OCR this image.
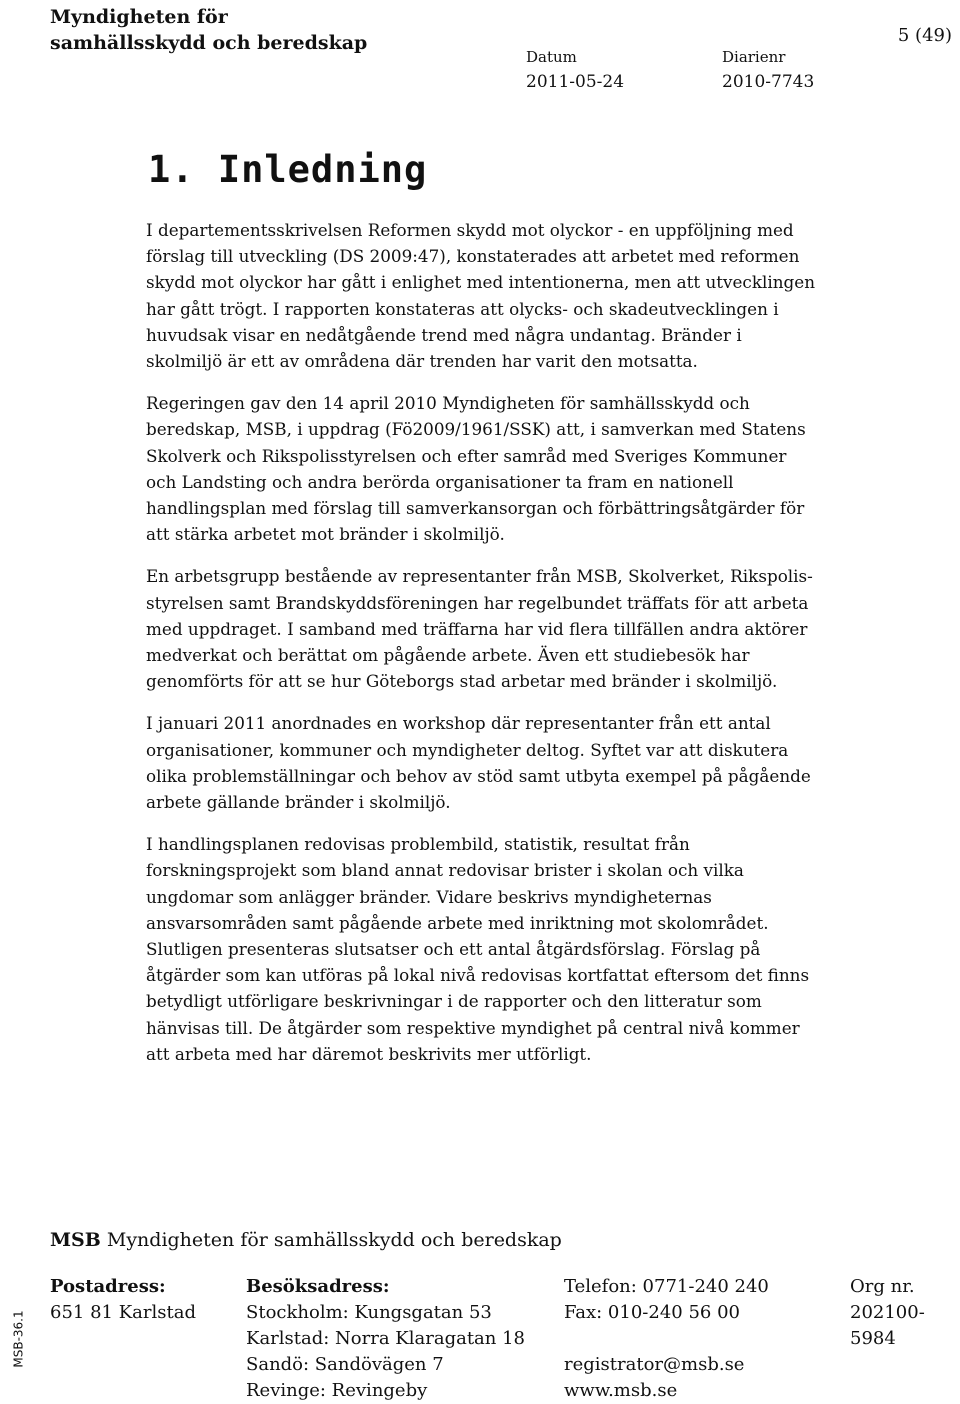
Myndigheten för
samhällsskydd och beredskap	5 (49)
Datum
2011-05-24
Diarienr
2010-7743
1. Inledning

I departementsskrivelsen Reformen skydd mot olyckor - en uppföljning med förslag till utveckling (DS 2009:47), konstaterades att arbetet med reformen skydd mot olyckor har gått i enlighet med intentionerna, men att utvecklingen har gått trögt. I rapporten konstateras att olycks- och skadeutvecklingen i huvudsak visar en nedåtgående trend med några undantag. Bränder i skolmiljö är ett av områdena där trenden har varit den motsatta.

Regeringen gav den 14 april 2010 Myndigheten för samhällsskydd och beredskap, MSB, i uppdrag (Fö2009/1961/SSK) att, i samverkan med Statens Skolverk och Rikspolisstyrelsen och efter samråd med Sveriges Kommuner och Landsting och andra berörda organisationer ta fram en nationell handlingsplan med förslag till samverkansorgan och förbättringsåtgärder för att stärka arbetet mot bränder i skolmiljö.

En arbetsgrupp bestående av representanter från MSB, Skolverket, Rikspolis-styrelsen samt Brandskyddsföreningen har regelbundet träffats för att arbeta med uppdraget. I samband med träffarna har vid flera tillfällen andra aktörer medverkat och berättat om pågående arbete. Även ett studiebesök har genomförts för att se hur Göteborgs stad arbetar med bränder i skolmiljö.

I januari 2011 anordnades en workshop där representanter från ett antal organisationer, kommuner och myndigheter deltog. Syftet var att diskutera olika problemställningar och behov av stöd samt utbyta exempel på pågående arbete gällande bränder i skolmiljö.

I handlingsplanen redovisas problembild, statistik, resultat från forskningsprojekt som bland annat redovisar brister i skolan och vilka ungdomar som anlägger bränder. Vidare beskrivs myndigheternas ansvarsområden samt pågående arbete med inriktning mot skolområdet. Slutligen presenteras slutsatser och ett antal åtgärdsförslag. Förslag på åtgärder som kan utföras på lokal nivå redovisas kortfattat eftersom det finns betydligt utförligare beskrivningar i de rapporter och den litteratur som hänvisas till. De åtgärder som respektive myndighet på central nivå kommer att arbeta med har däremot beskrivits mer utförligt.

MSB Myndigheten för samhällsskydd och beredskap
Postadress:
651 81 Karlstad
Besöksadress:
Stockholm: Kungsgatan 53
Karlstad: Norra Klaragatan 18
Sandö: Sandövägen 7
Revinge: Revingeby
Telefon: 0771-240 240
Fax: 010-240 56 00
registrator@msb.se
www.msb.se
Org nr.
202100-
5984
MSB-36.1
